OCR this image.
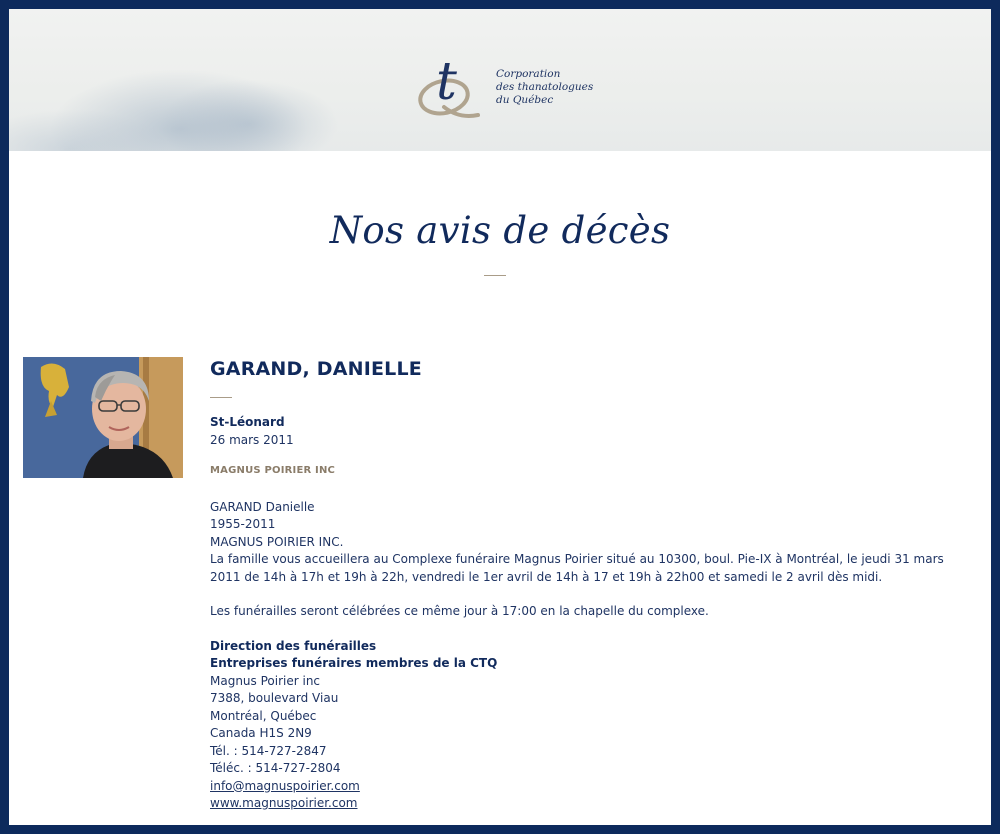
t	Corporation
des thanatologues
du Québec
Nos avis de décès
GARAND, DANIELLE
St-Léonard
26 mars 2011
MAGNUS POIRIER INC
GARAND Danielle
1955-2011
MAGNUS POIRIER INC.
La famille vous accueillera au Complexe funéraire Magnus Poirier situé au 10300, boul. Pie-IX à Montréal, le jeudi 31 mars 2011 de 14h à 17h et 19h à 22h, vendredi le 1er avril de 14h à 17 et 19h à 22h00 et samedi le 2 avril dès midi.
Les funérailles seront célébrées ce même jour à 17:00 en la chapelle du complexe.
Direction des funérailles
Entreprises funéraires membres de la CTQ
Magnus Poirier inc
7388, boulevard Viau
Montréal, Québec
Canada H1S 2N9
Tél. : 514-727-2847
Téléc. : 514-727-2804
info@magnuspoirier.com
www.magnuspoirier.com
